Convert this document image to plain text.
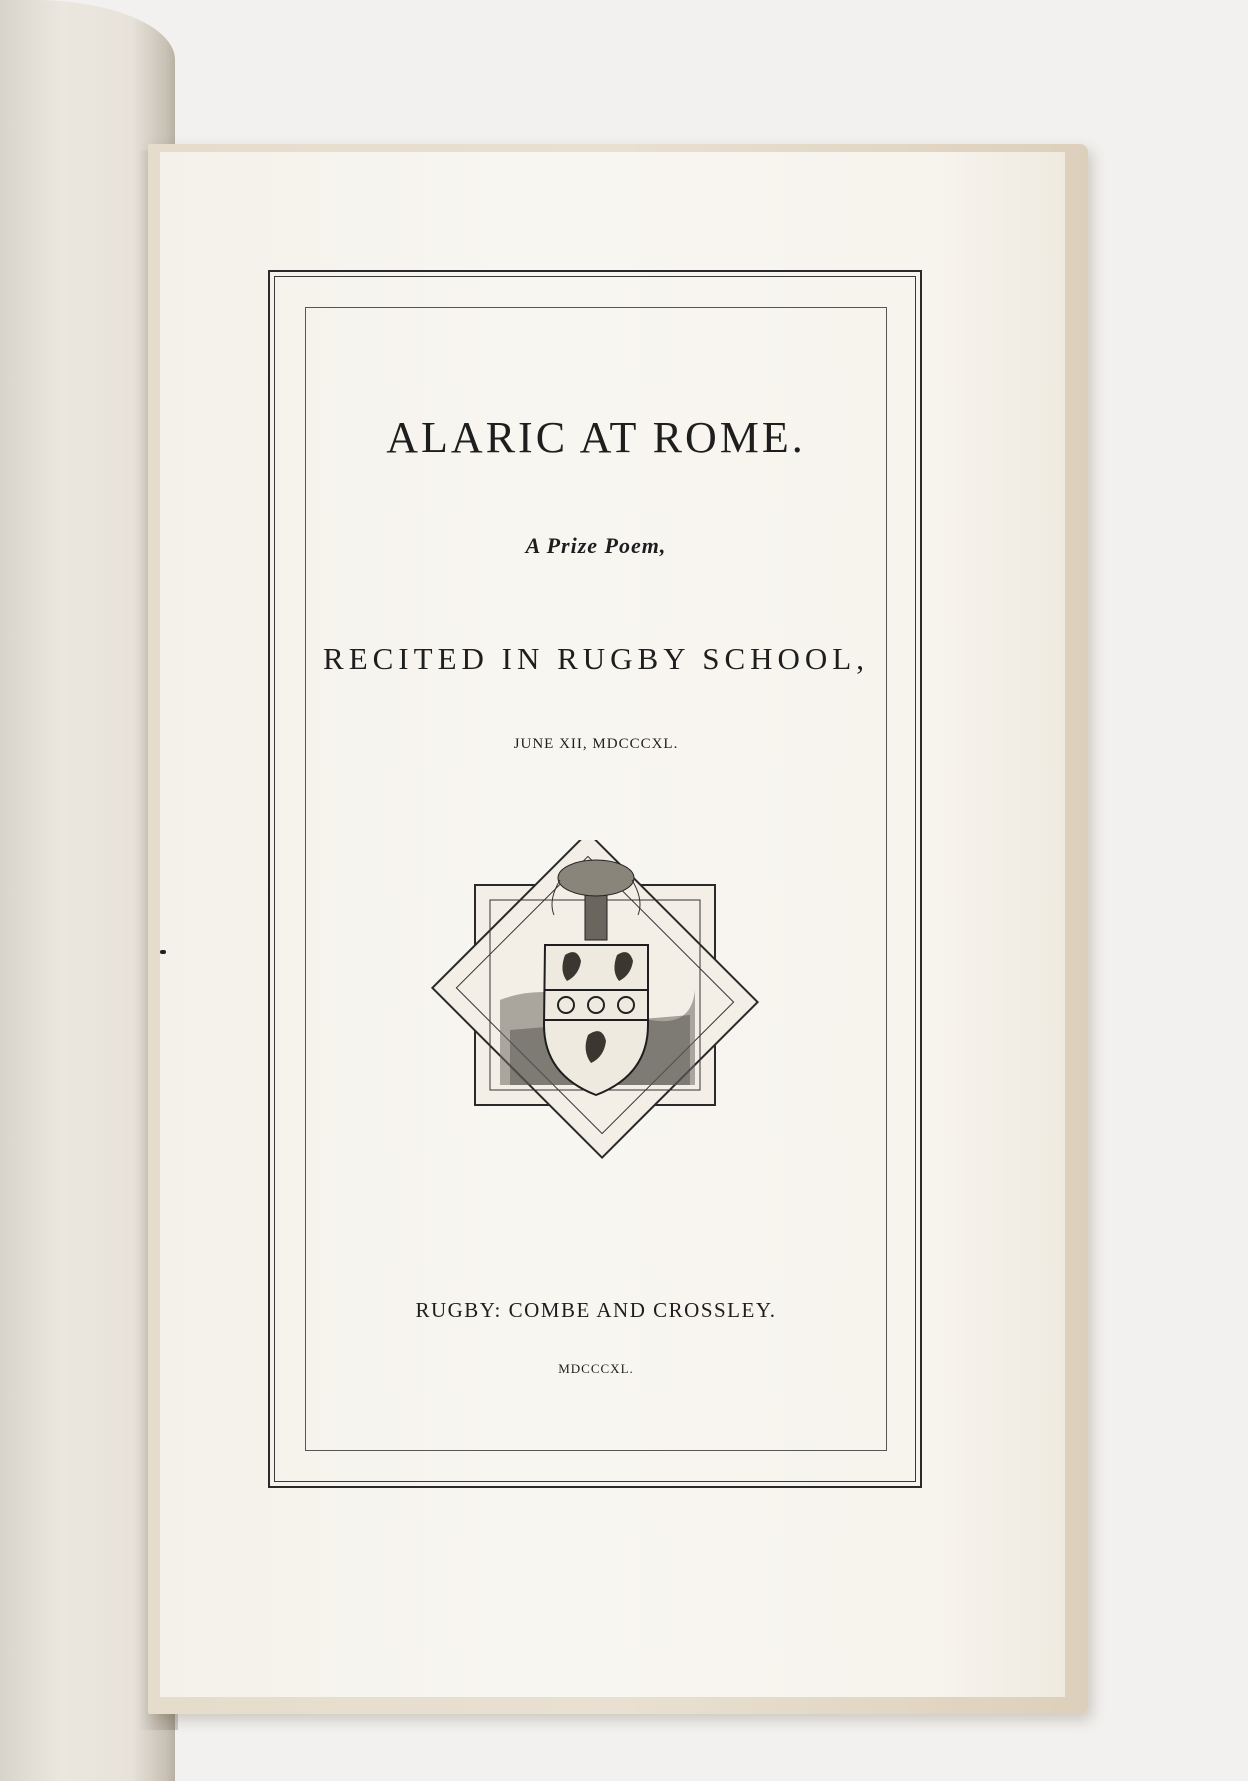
ALARIC AT ROME.
A Prize Poem,
RECITED IN RUGBY SCHOOL,
JUNE XII, MDCCCXL.
RUGBY: COMBE AND CROSSLEY.
MDCCCXL.
